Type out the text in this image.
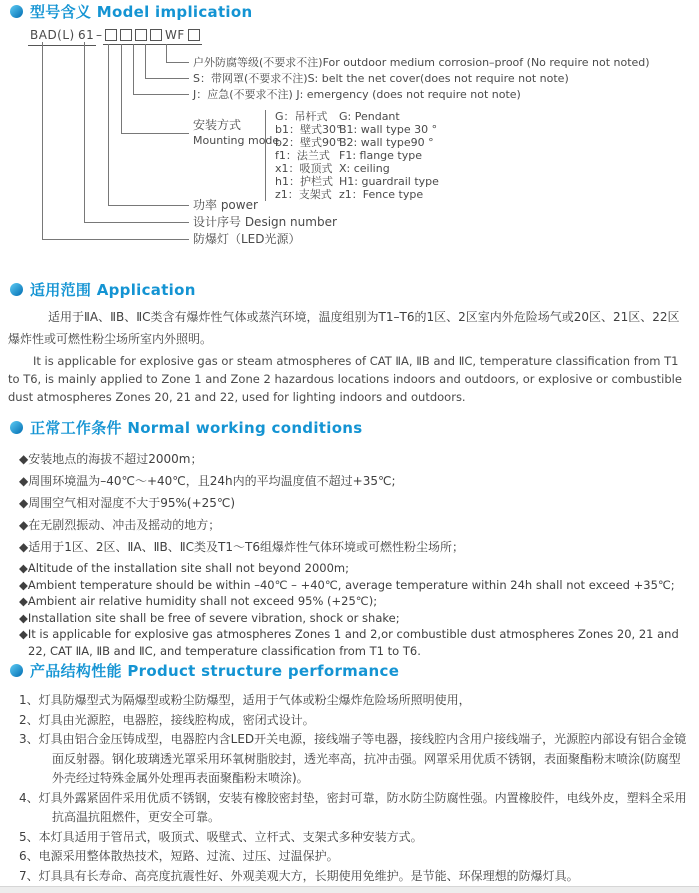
型号含义 Model implication
BAD(L) 61 –	WF
户外防腐等级(不要求不注)For outdoor medium corrosion–proof (No require not noted)
S：带网罩(不要求不注)S: belt the net cover(does not require not note)
J：应急(不要求不注) J: emergency (does not require not note)
安装方式
Mounting mode
G：吊杆式	G: Pendant
b1：壁式30°
B1: wall type 30 °
b2：壁式90°
B2: wall type90 °
f1：法兰式 F1: flange type
x1：吸顶式 X: ceiling
h1：护栏式 H1: guardrail type
z1：支架式 z1：Fence type
功率 power
设计序号 Design number
防爆灯（LED光源）
适用范围 Application
适用于ⅡA、ⅡB、ⅡC类含有爆炸性气体或蒸汽环境，温度组别为T1–T6的1区、2区室内外危险场气或20区、21区、22区爆炸性或可燃性粉尘场所室内外照明。
It is applicable for explosive gas or steam atmospheres of CAT ⅡA, ⅡB and ⅡC, temperature classification from T1 to T6, is mainly applied to Zone 1 and Zone 2 hazardous locations indoors and outdoors, or explosive or combustible dust atmospheres Zones 20, 21 and 22, used for lighting indoors and outdoors.
正常工作条件 Normal working conditions
◆安装地点的海拔不超过2000m；
◆周围环境温为–40℃～+40℃，且24h内的平均温度值不超过+35℃;
◆周围空气相对湿度不大于95%(+25℃)
◆在无剧烈振动、冲击及摇动的地方；
◆适用于1区、2区、ⅡA、ⅡB、ⅡC类及T1～T6组爆炸性气体环境或可燃性粉尘场所；
◆Altitude of the installation site shall not beyond 2000m;
◆Ambient temperature should be within –40℃ – +40℃, average temperature within 24h shall not exceed +35℃;
◆Ambient air relative humidity shall not exceed 95% (+25℃);
◆Installation site shall be free of severe vibration, shock or shake;
◆It is applicable for explosive gas atmospheres Zones 1 and 2,or combustible dust atmospheres Zones 20, 21 and 22, CAT ⅡA, ⅡB and ⅡC, and temperature classification from T1 to T6.
产品结构性能 Product structure performance
1、灯具防爆型式为隔爆型或粉尘防爆型，适用于气体或粉尘爆炸危险场所照明使用，
2、灯具由光源腔，电器腔，接线腔构成，密闭式设计。
3、灯具由铝合金压铸成型，电器腔内含LED开关电源，接线端子等电器，接线腔内含用户接线端子，光源腔内部设有铝合金镜面反射器。钢化玻璃透光罩采用环氧树脂胶封，透光率高，抗冲击强。网罩采用优质不锈钢，表面聚酯粉末喷涂(防腐型外壳经过特殊金属外处理再表面聚酯粉末喷涂)。
4、灯具外露紧固件采用优质不锈钢，安装有橡胶密封垫，密封可靠，防水防尘防腐性强。内置橡胶件，电线外皮，塑料全采用抗高温抗阻燃件，更安全可靠。
5、本灯具适用于管吊式，吸顶式、吸壁式、立杆式、支架式多种安装方式。
6、电源采用整体散热技术，短路、过流、过压、过温保护。
7、灯具具有长寿命、高亮度抗震性好、外观美观大方，长期使用免维护。是节能、环保理想的防爆灯具。
